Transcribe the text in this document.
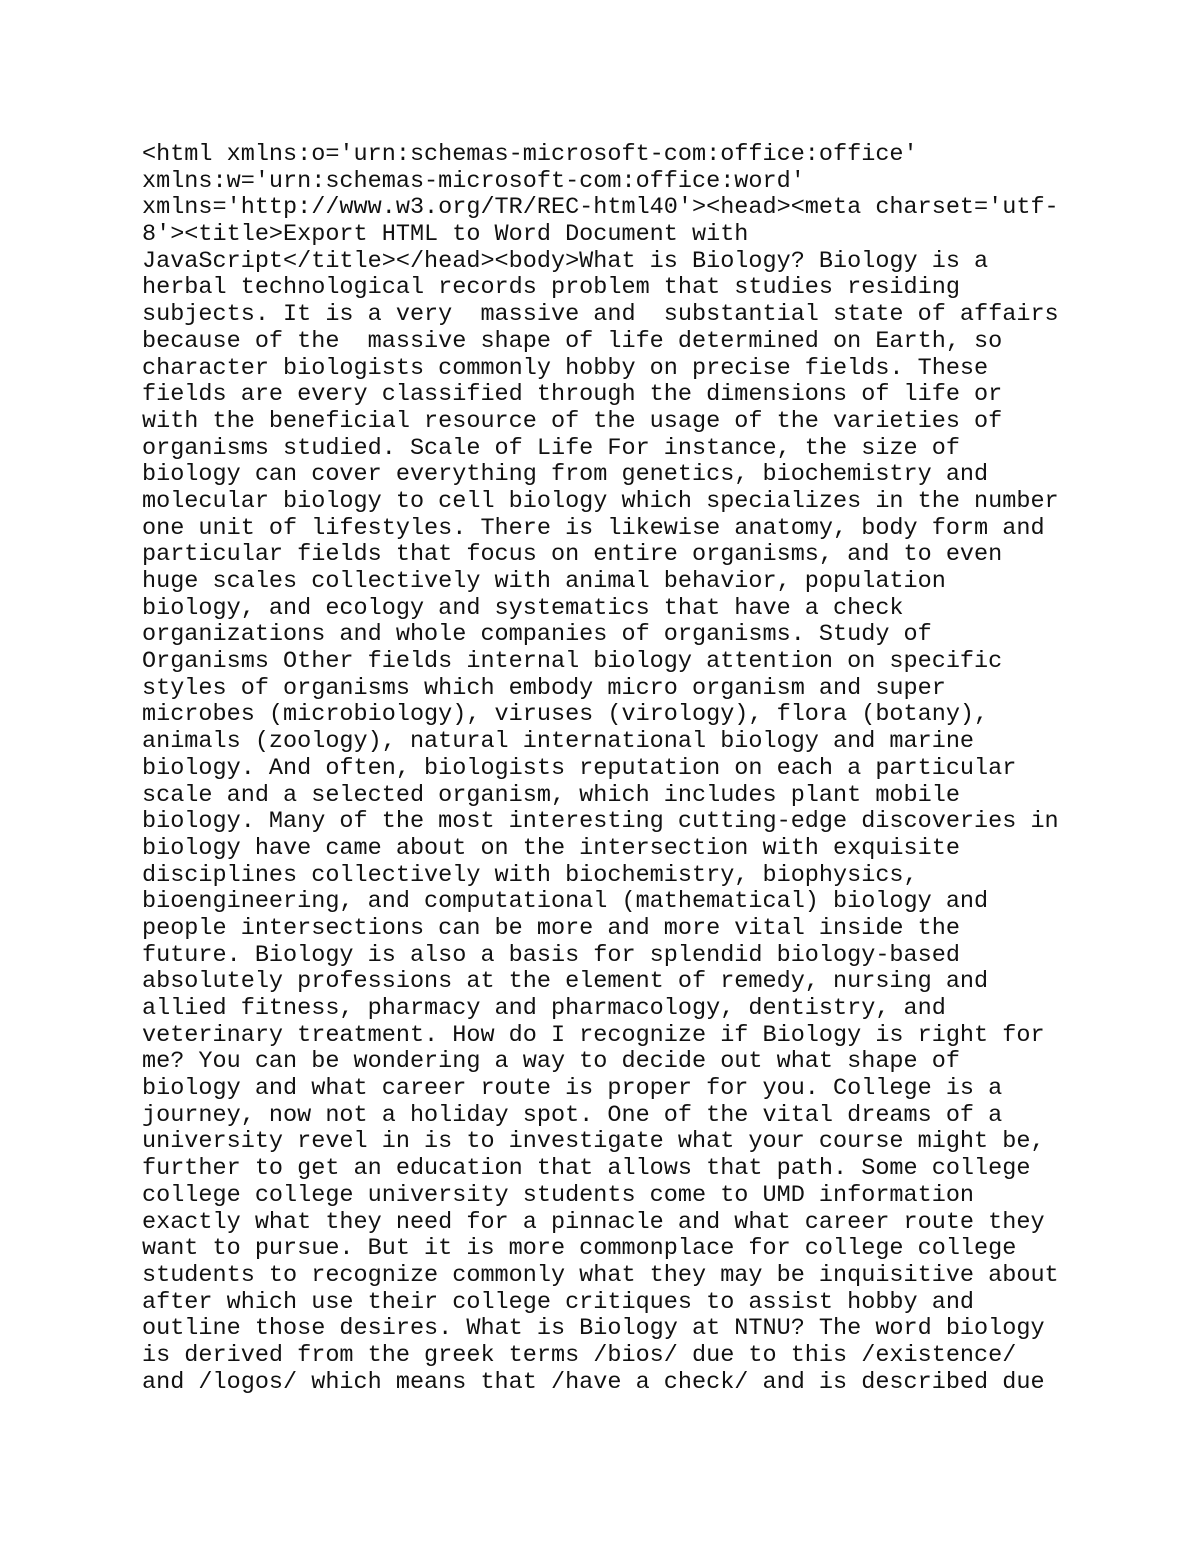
<html xmlns:o='urn:schemas-microsoft-com:office:office'
xmlns:w='urn:schemas-microsoft-com:office:word'
xmlns='http://www.w3.org/TR/REC-html40'><head><meta charset='utf-
8'><title>Export HTML to Word Document with
JavaScript</title></head><body>What is Biology? Biology is a
herbal technological records problem that studies residing
subjects. It is a very  massive and  substantial state of affairs
because of the  massive shape of life determined on Earth, so
character biologists commonly hobby on precise fields. These
fields are every classified through the dimensions of life or
with the beneficial resource of the usage of the varieties of
organisms studied. Scale of Life For instance, the size of
biology can cover everything from genetics, biochemistry and
molecular biology to cell biology which specializes in the number
one unit of lifestyles. There is likewise anatomy, body form and
particular fields that focus on entire organisms, and to even
huge scales collectively with animal behavior, population
biology, and ecology and systematics that have a check
organizations and whole companies of organisms. Study of
Organisms Other fields internal biology attention on specific
styles of organisms which embody micro organism and super
microbes (microbiology), viruses (virology), flora (botany),
animals (zoology), natural international biology and marine
biology. And often, biologists reputation on each a particular
scale and a selected organism, which includes plant mobile
biology. Many of the most interesting cutting-edge discoveries in
biology have came about on the intersection with exquisite
disciplines collectively with biochemistry, biophysics,
bioengineering, and computational (mathematical) biology and
people intersections can be more and more vital inside the
future. Biology is also a basis for splendid biology-based
absolutely professions at the element of remedy, nursing and
allied fitness, pharmacy and pharmacology, dentistry, and
veterinary treatment. How do I recognize if Biology is right for
me? You can be wondering a way to decide out what shape of
biology and what career route is proper for you. College is a
journey, now not a holiday spot. One of the vital dreams of a
university revel in is to investigate what your course might be,
further to get an education that allows that path. Some college
college college university students come to UMD information
exactly what they need for a pinnacle and what career route they
want to pursue. But it is more commonplace for college college
students to recognize commonly what they may be inquisitive about
after which use their college critiques to assist hobby and
outline those desires. What is Biology at NTNU? The word biology
is derived from the greek terms /bios/ due to this /existence/
and /logos/ which means that /have a check/ and is described due
